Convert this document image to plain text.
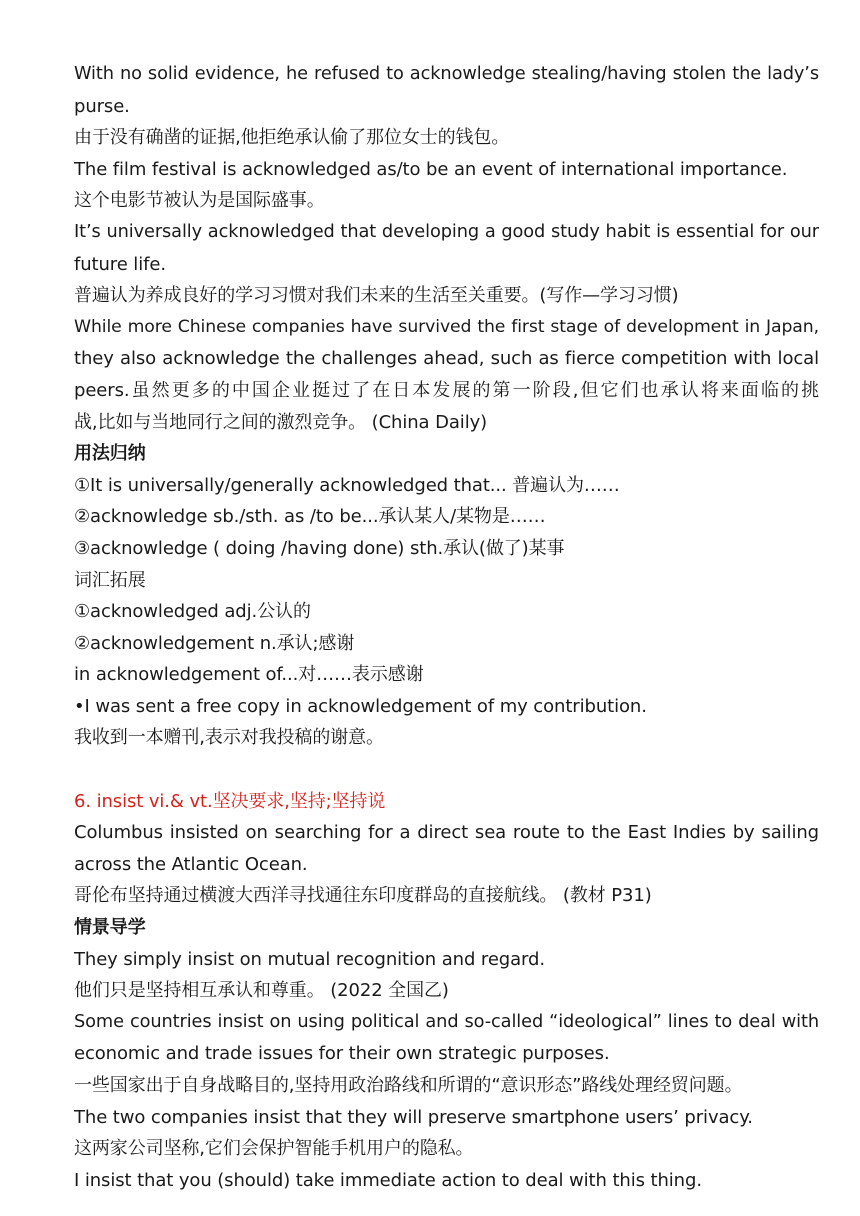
With no solid evidence, he refused to acknowledge stealing/having stolen the lady’s
purse.
由于没有确凿的证据,他拒绝承认偷了那位女士的钱包。
The film festival is acknowledged as/to be an event of international importance.
这个电影节被认为是国际盛事。
It’s universally acknowledged that developing a good study habit is essential for our
future life.
普遍认为养成良好的学习习惯对我们未来的生活至关重要。(写作—学习习惯)
While more Chinese companies have survived the first stage of development in Japan,
they also acknowledge the challenges ahead, such as fierce competition with local
peers.虽然更多的中国企业挺过了在日本发展的第一阶段,但它们也承认将来面临的挑
战,比如与当地同行之间的激烈竞争。 (China Daily)
用法归纳
①It is universally/generally acknowledged that... 普遍认为……
②acknowledge sb./sth. as /to be...承认某人/某物是……
③acknowledge ( doing /having done) sth.承认(做了)某事
词汇拓展
①acknowledged adj.公认的
②acknowledgement n.承认;感谢
in acknowledgement of...对……表示感谢
•I was sent a free copy in acknowledgement of my contribution.
我收到一本赠刊,表示对我投稿的谢意。
6. insist vi.& vt.坚决要求,坚持;坚持说
Columbus insisted on searching for a direct sea route to the East Indies by sailing
across the Atlantic Ocean.
哥伦布坚持通过横渡大西洋寻找通往东印度群岛的直接航线。 (教材 P31)
情景导学
They simply insist on mutual recognition and regard.
他们只是坚持相互承认和尊重。 (2022 全国乙)
Some countries insist on using political and so-called “ideological” lines to deal with
economic and trade issues for their own strategic purposes.
一些国家出于自身战略目的,坚持用政治路线和所谓的“意识形态”路线处理经贸问题。
The two companies insist that they will preserve smartphone users’ privacy.
这两家公司坚称,它们会保护智能手机用户的隐私。
I insist that you (should) take immediate action to deal with this thing.
